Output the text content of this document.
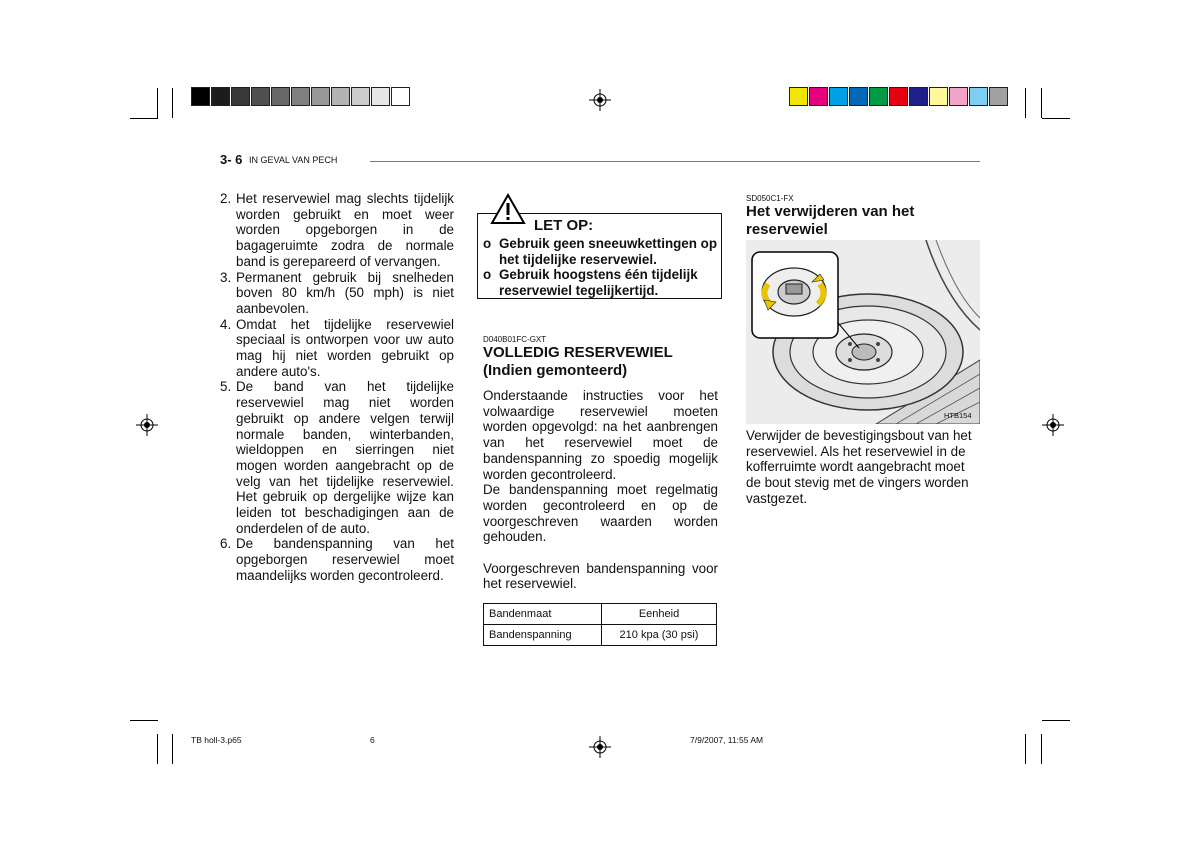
3- 6 IN GEVAL VAN PECH
2. Het reservewiel mag slechts tijdelijk worden gebruikt en moet weer worden opgeborgen in de bagageruimte zodra de normale band is gerepareerd of vervangen.
3. Permanent gebruik bij snelheden boven 80 km/h (50 mph) is niet aanbevolen.
4. Omdat het tijdelijke reservewiel speciaal is ontworpen voor uw auto mag hij niet worden gebruikt op andere auto's.
5. De band van het tijdelijke reservewiel mag niet worden gebruikt op andere velgen terwijl normale banden, winterbanden, wieldoppen en sierringen niet mogen worden aangebracht op de velg van het tijdelijke reservewiel. Het gebruik op dergelijke wijze kan leiden tot beschadigingen aan de onderdelen of de auto.
6. De bandenspanning van het opgeborgen reservewiel moet maandelijks worden gecontroleerd.
LET OP:
o Gebruik geen sneeuwkettingen op het tijdelijke reservewiel.
o Gebruik hoogstens één tijdelijk reservewiel tegelijkertijd.
D040B01FC-GXT
VOLLEDIG RESERVEWIEL
(Indien gemonteerd)
Onderstaande instructies voor het volwaardige reservewiel moeten worden opgevolgd: na het aanbrengen van het reservewiel moet de bandenspanning zo spoedig mogelijk worden gecontroleerd.
De bandenspanning moet regelmatig worden gecontroleerd en op de voorgeschreven waarden worden gehouden.
Voorgeschreven bandenspanning voor het reservewiel.
Bandenmaat	Eenheid
Bandenspanning	210 kpa (30 psi)
SD050C1-FX
Het verwijderen van het reservewiel
HTB154
Verwijder de bevestigingsbout van het reservewiel. Als het reservewiel in de kofferruimte wordt aangebracht moet de bout stevig met de vingers worden vastgezet.
TB holl-3.p65	6	7/9/2007, 11:55 AM
